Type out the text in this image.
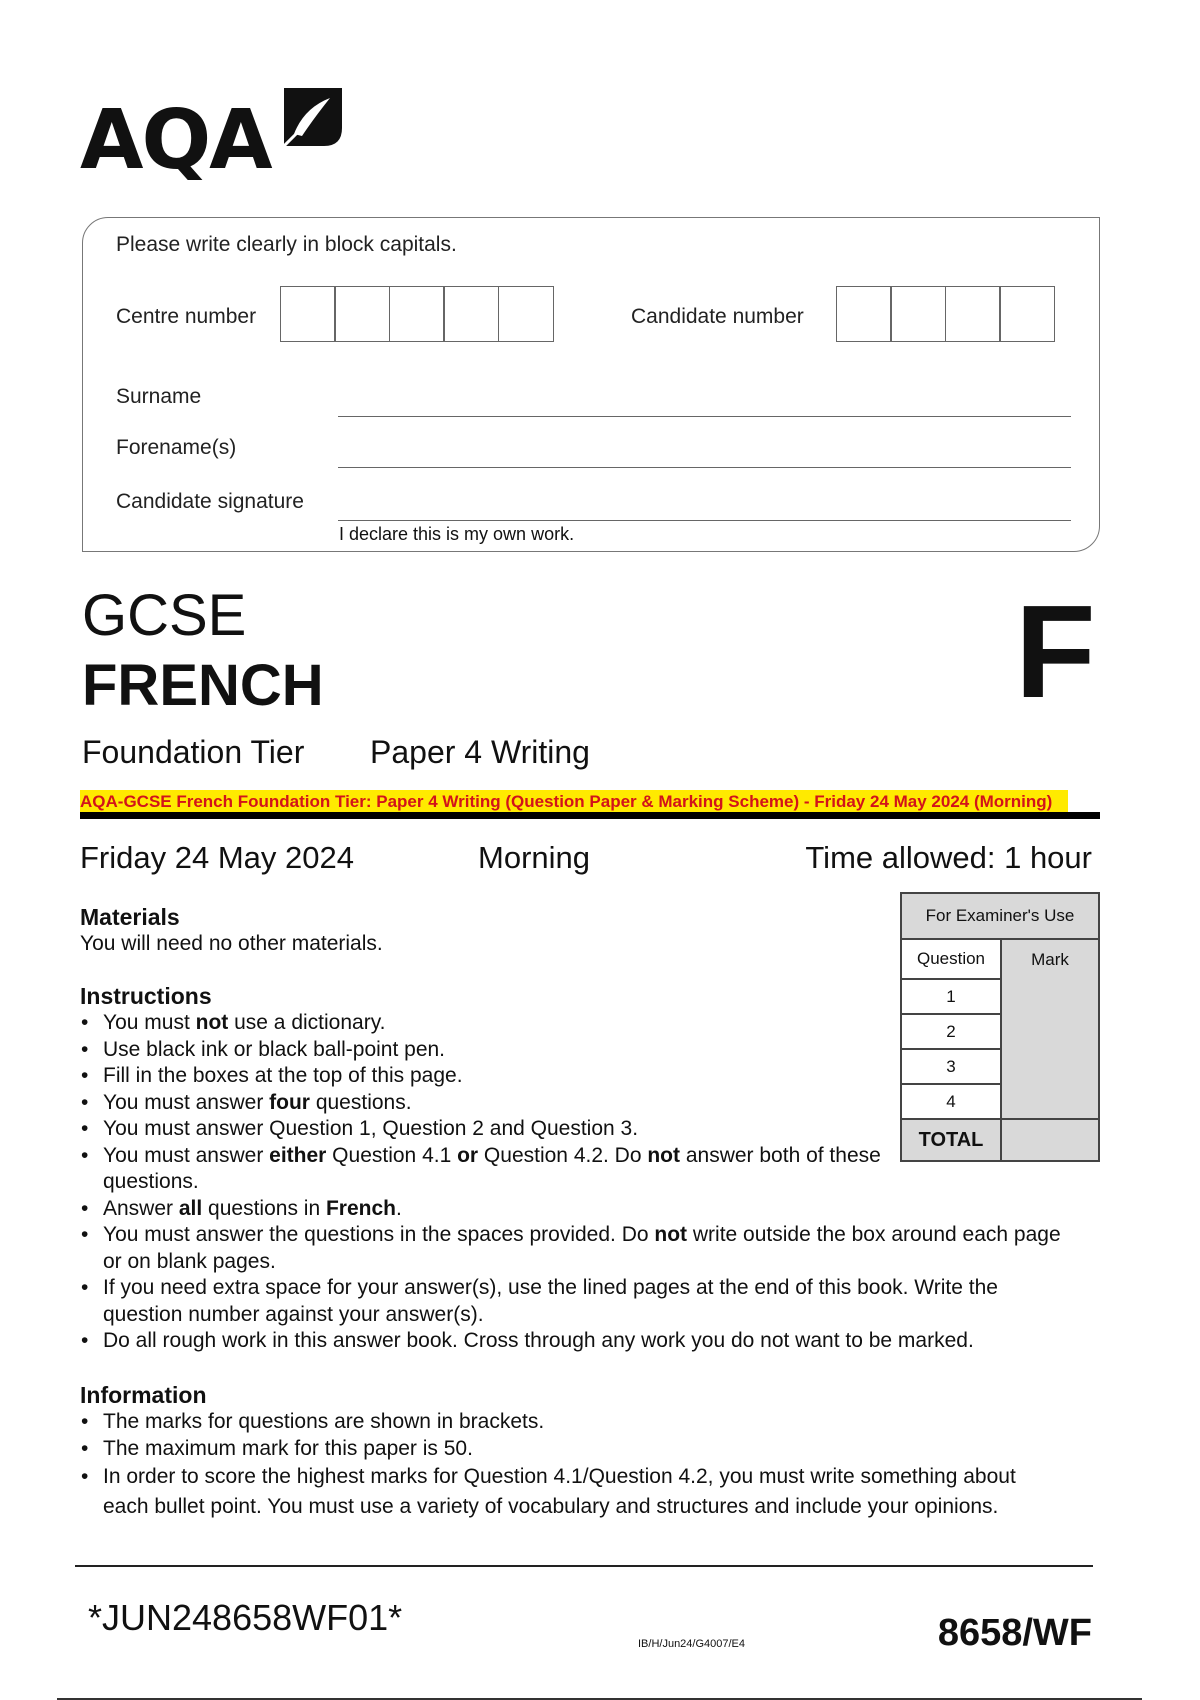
AQA
Please write clearly in block capitals.
Centre number	Candidate number
Surname
Forename(s)
Candidate signature
I declare this is my own work.
GCSE
FRENCH	F
Foundation Tier Paper 4 Writing
AQA-GCSE French Foundation Tier: Paper 4 Writing (Question Paper & Marking Scheme) - Friday 24 May 2024 (Morning)
Friday 24 May 2024	Morning	Time allowed: 1 hour
Materials
You will need no other materials.
Instructions
• You must not use a dictionary.
• Use black ink or black ball-point pen.
• Fill in the boxes at the top of this page.
• You must answer four questions.
• You must answer Question 1, Question 2 and Question 3.
• You must answer either Question 4.1 or Question 4.2. Do not answer both of these questions.
• Answer all questions in French.
• You must answer the questions in the spaces provided. Do not write outside the box around each page or on blank pages.
• If you need extra space for your answer(s), use the lined pages at the end of this book. Write the question number against your answer(s).
• Do all rough work in this answer book. Cross through any work you do not want to be marked.
Information
• The marks for questions are shown in brackets.
• The maximum mark for this paper is 50.
• In order to score the highest marks for Question 4.1/Question 4.2, you must write something about each bullet point. You must use a variety of vocabulary and structures and include your opinions.
For Examiner's Use	
Question	Mark
1	
2	
3	
4	
TOTAL	
*JUN248658WF01*
IB/H/Jun24/G4007/E4	8658/WF
